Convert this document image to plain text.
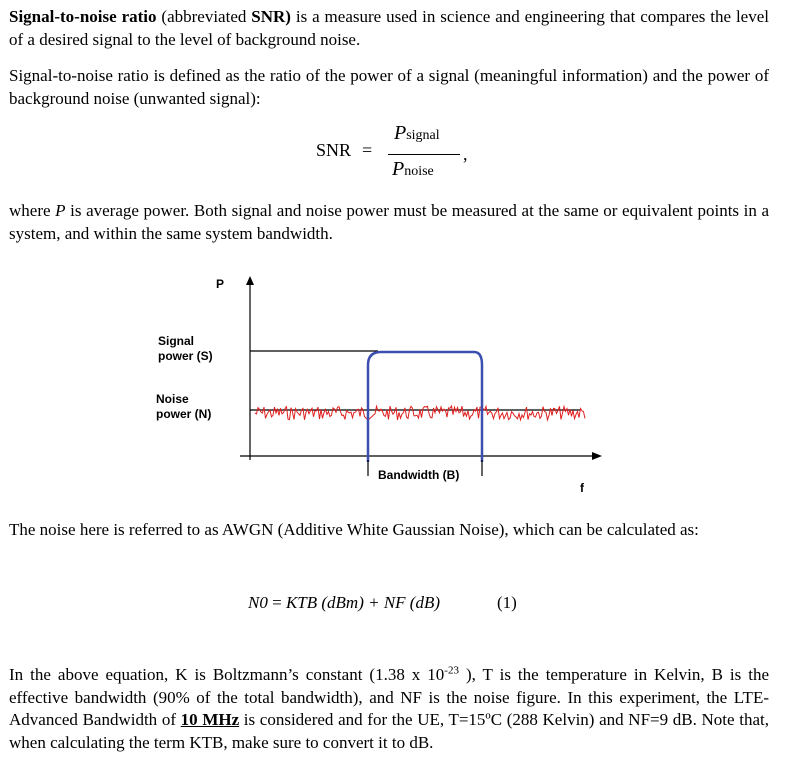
Signal-to-noise ratio (abbreviated SNR) is a measure used in science and engineering that compares the level of a desired signal to the level of background noise.

Signal-to-noise ratio is defined as the ratio of the power of a signal (meaningful information) and the power of background noise (unwanted signal):

SNR =
Psignal
Pnoise
,

where P is average power. Both signal and noise power must be measured at the same or equivalent points in a system, and within the same system bandwidth.

P
f
Signal
power (S)
Noise
power (N)
Bandwidth (B)

The noise here is referred to as AWGN (Additive White Gaussian Noise), which can be calculated as:

N0 = KTB (dBm) + NF (dB)	(1)

In the above equation, K is Boltzmann’s constant (1.38 x $10^{-23}$ ), T is the temperature in Kelvin, B is the effective bandwidth (90% of the total bandwidth), and NF is the noise figure. In this experiment, the LTE-Advanced Bandwidth of 10 MHz is considered and for the UE, T=15ºC (288 Kelvin) and NF=9 dB. Note that, when calculating the term KTB, make sure to convert it to dB.
